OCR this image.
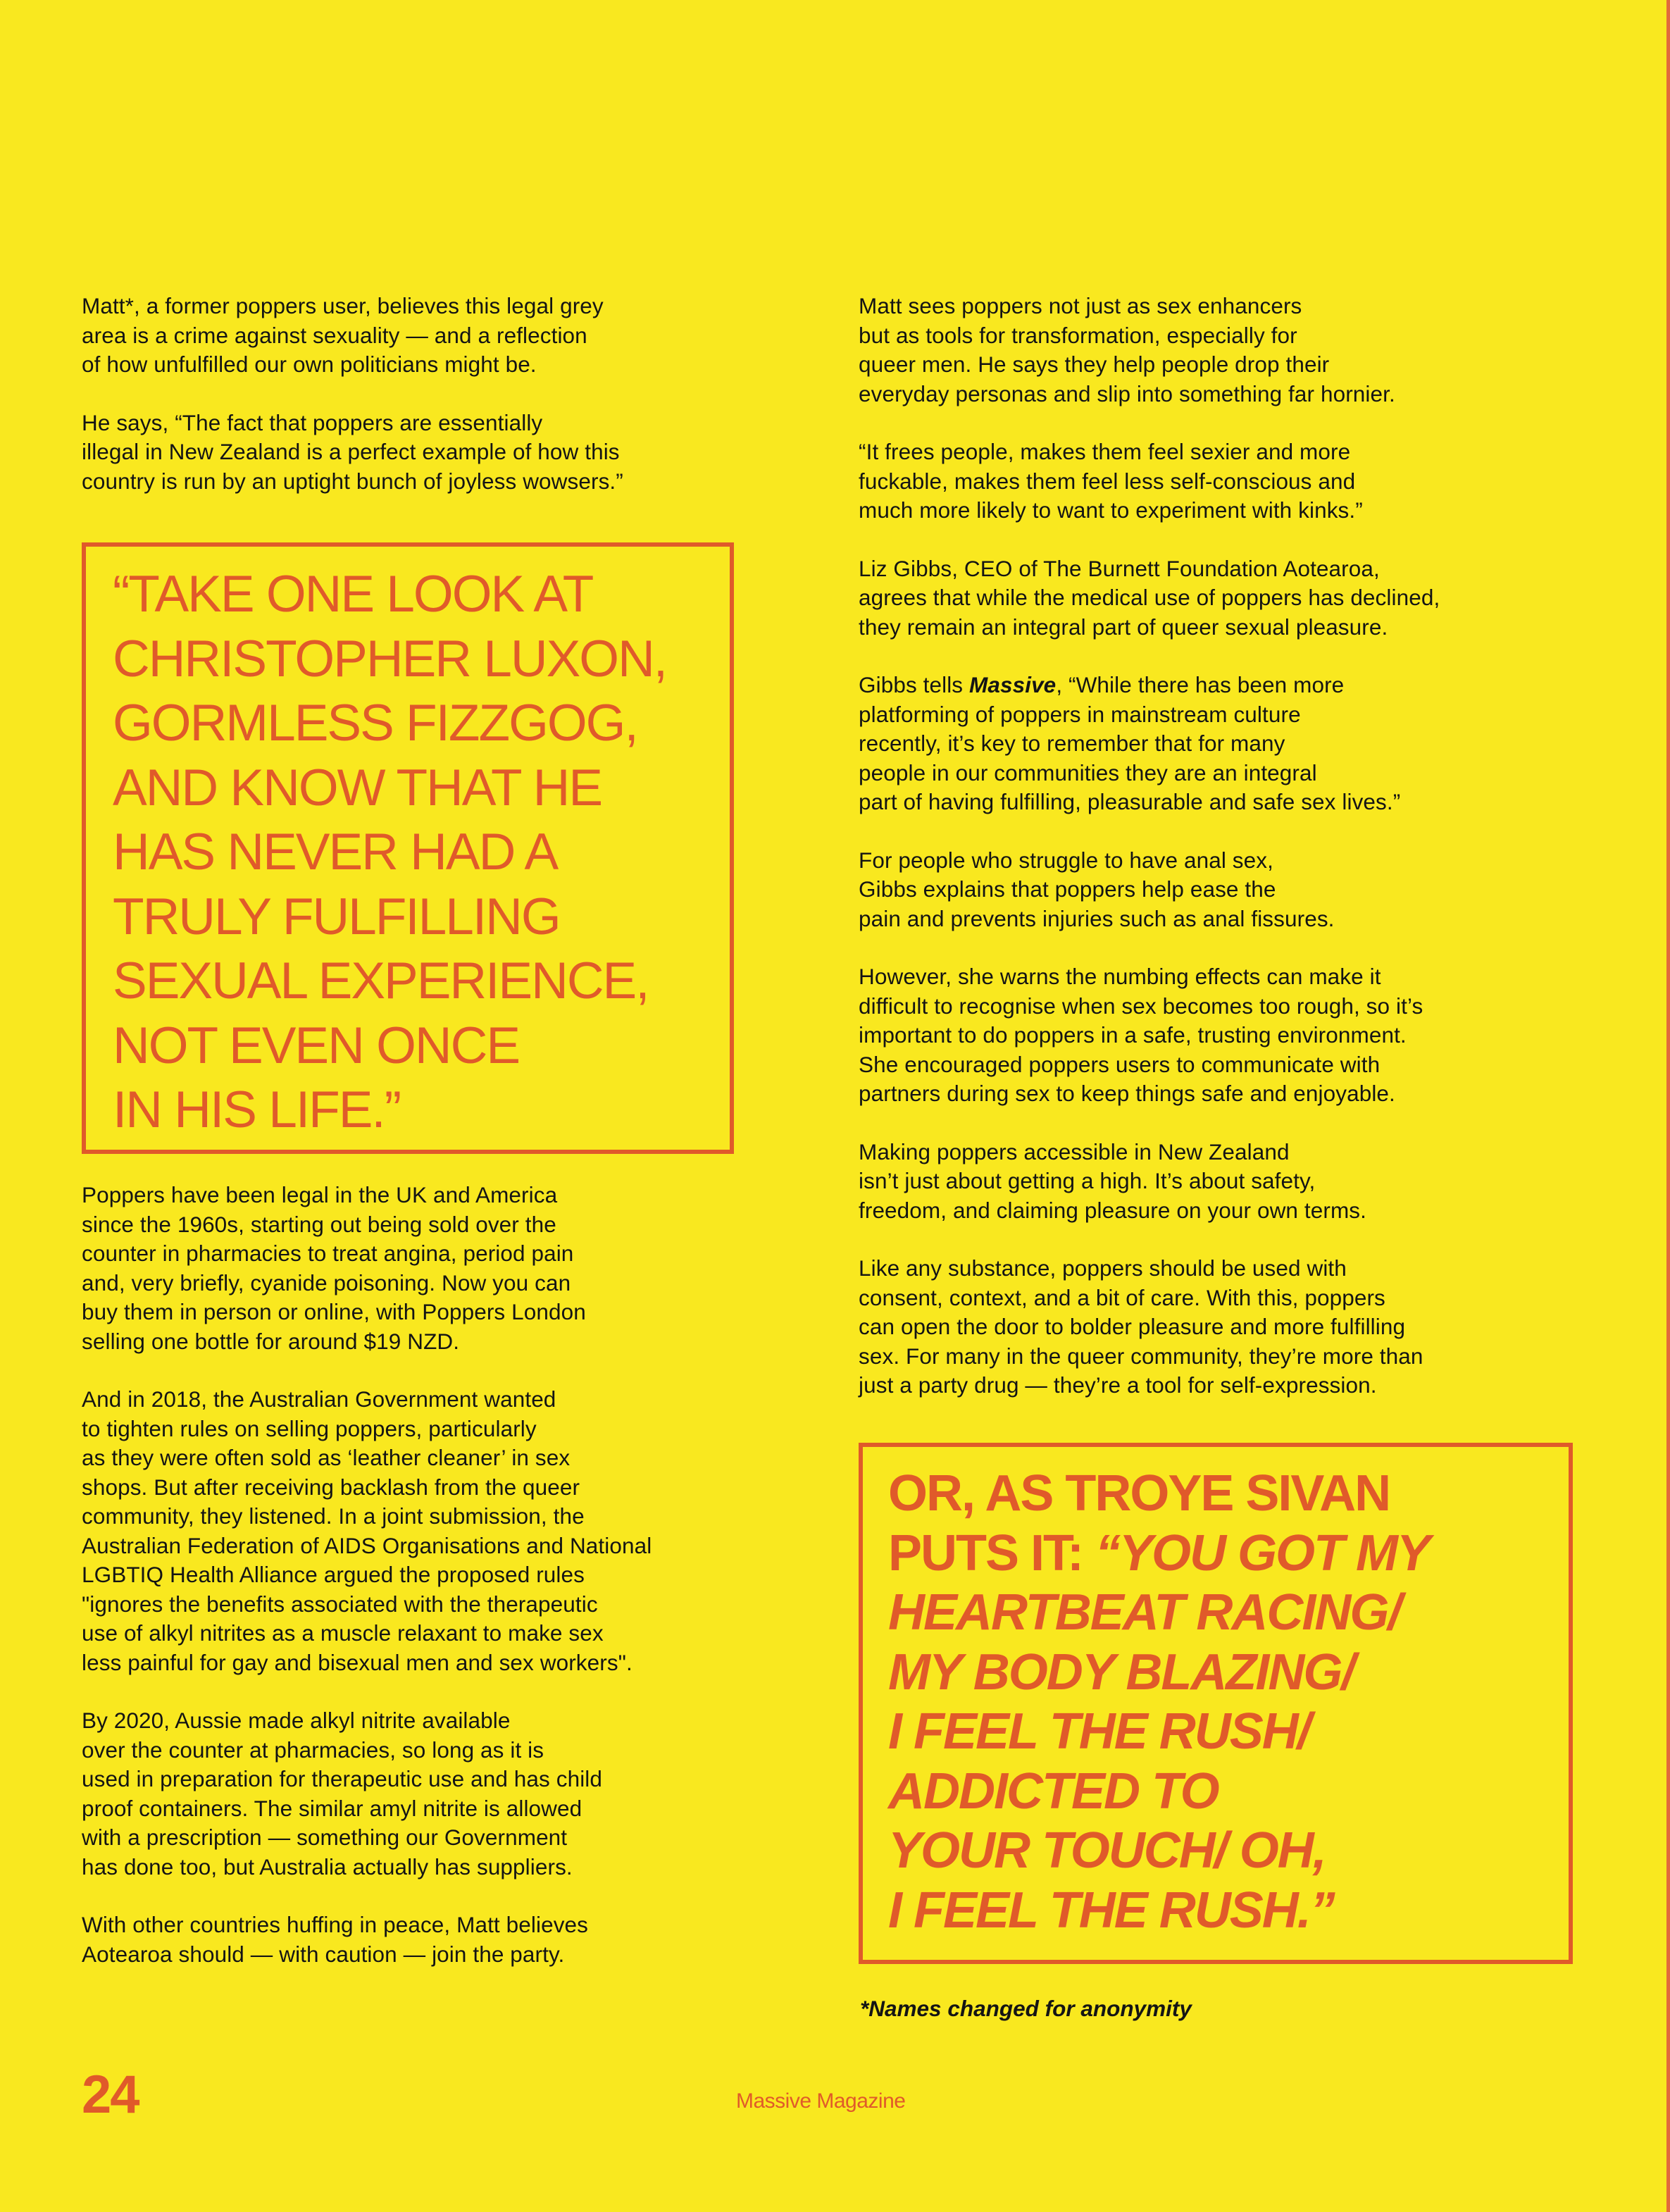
Matt*, a former poppers user, believes this legal grey
area is a crime against sexuality — and a reflection
of how unfulfilled our own politicians might be.

He says, “The fact that poppers are essentially
illegal in New Zealand is a perfect example of how this
country is run by an uptight bunch of joyless wowsers.”

“TAKE ONE LOOK AT
CHRISTOPHER LUXON,
GORMLESS FIZZGOG,
AND KNOW THAT HE
HAS NEVER HAD A
TRULY FULFILLING
SEXUAL EXPERIENCE,
NOT EVEN ONCE
IN HIS LIFE.”

Poppers have been legal in the UK and America
since the 1960s, starting out being sold over the
counter in pharmacies to treat angina, period pain
and, very briefly, cyanide poisoning. Now you can
buy them in person or online, with Poppers London
selling one bottle for around $19 NZD.

And in 2018, the Australian Government wanted
to tighten rules on selling poppers, particularly
as they were often sold as ‘leather cleaner’ in sex
shops. But after receiving backlash from the queer
community, they listened. In a joint submission, the
Australian Federation of AIDS Organisations and National
LGBTIQ Health Alliance argued the proposed rules
"ignores the benefits associated with the therapeutic
use of alkyl nitrites as a muscle relaxant to make sex
less painful for gay and bisexual men and sex workers".

By 2020, Aussie made alkyl nitrite available
over the counter at pharmacies, so long as it is
used in preparation for therapeutic use and has child
proof containers. The similar amyl nitrite is allowed
with a prescription — something our Government
has done too, but Australia actually has suppliers.

With other countries huffing in peace, Matt believes
Aotearoa should — with caution — join the party.

Matt sees poppers not just as sex enhancers
but as tools for transformation, especially for
queer men. He says they help people drop their
everyday personas and slip into something far hornier.

“It frees people, makes them feel sexier and more
fuckable, makes them feel less self-conscious and
much more likely to want to experiment with kinks.”

Liz Gibbs, CEO of The Burnett Foundation Aotearoa,
agrees that while the medical use of poppers has declined,
they remain an integral part of queer sexual pleasure.

Gibbs tells Massive, “While there has been more
platforming of poppers in mainstream culture
recently, it’s key to remember that for many
people in our communities they are an integral
part of having fulfilling, pleasurable and safe sex lives.”

For people who struggle to have anal sex,
Gibbs explains that poppers help ease the
pain and prevents injuries such as anal fissures.

However, she warns the numbing effects can make it
difficult to recognise when sex becomes too rough, so it’s
important to do poppers in a safe, trusting environment.
She encouraged poppers users to communicate with
partners during sex to keep things safe and enjoyable.

Making poppers accessible in New Zealand
isn’t just about getting a high. It’s about safety,
freedom, and claiming pleasure on your own terms.

Like any substance, poppers should be used with
consent, context, and a bit of care. With this, poppers
can open the door to bolder pleasure and more fulfilling
sex. For many in the queer community, they’re more than
just a party drug — they’re a tool for self-expression.

OR, AS TROYE SIVAN
PUTS IT: “YOU GOT MY
HEARTBEAT RACING/
MY BODY BLAZING/
I FEEL THE RUSH/
ADDICTED TO
YOUR TOUCH/ OH,
I FEEL THE RUSH.”
*Names changed for anonymity
24	Massive Magazine
